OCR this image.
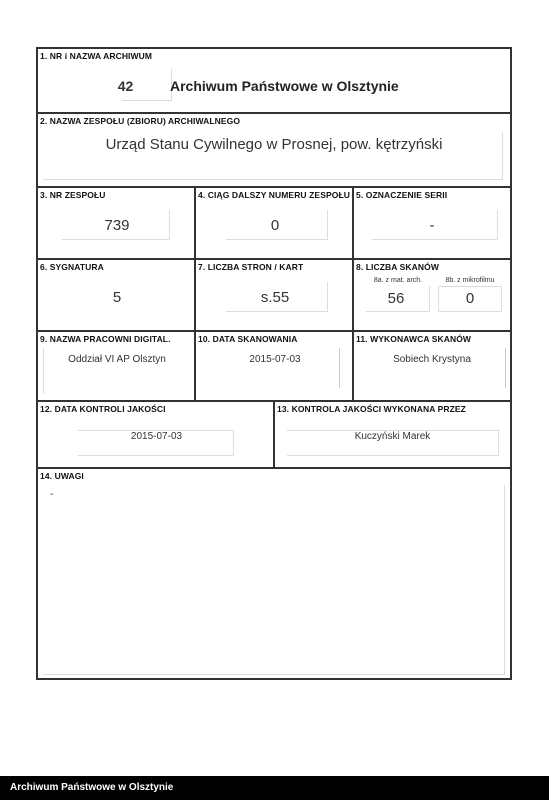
1. NR i NAZWA ARCHIWUM
42	Archiwum Państwowe w Olsztynie
2. NAZWA ZESPOŁU (ZBIORU) ARCHIWALNEGO
Urząd Stanu Cywilnego w Prosnej, pow. kętrzyński
3. NR ZESPOŁU
739
4. CIĄG DALSZY NUMERU ZESPOŁU
0
5. OZNACZENIE SERII
-
6. SYGNATURA
5
7. LICZBA STRON / KART
s.55
8. LICZBA SKANÓW
8a. z mat. arch.	8b. z mikrofilmu
56	0
9. NAZWA PRACOWNI DIGITAL.
Oddział VI AP Olsztyn
10. DATA SKANOWANIA
2015-07-03
11. WYKONAWCA SKANÓW
Sobiech Krystyna
12. DATA KONTROLI JAKOŚCI
2015-07-03
13. KONTROLA JAKOŚCI WYKONANA PRZEZ
Kuczyński Marek
14. UWAGI
-
Archiwum Państwowe w Olsztynie
